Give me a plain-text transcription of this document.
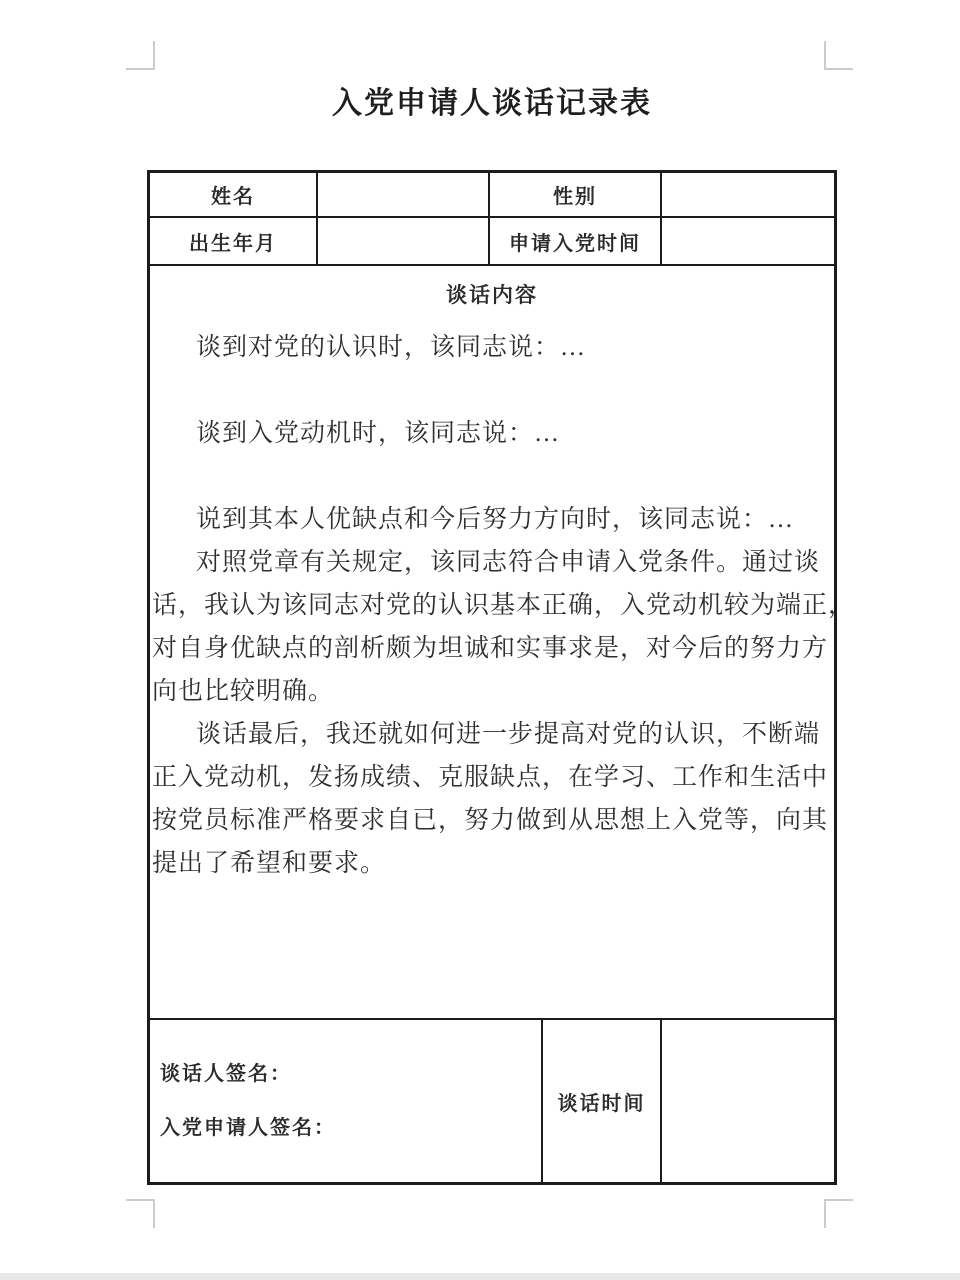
入党申请人谈话记录表
姓名	性别
出生年月	申请入党时间
谈话内容
谈到对党的认识时，该同志说：…
谈到入党动机时，该同志说：…
说到其本人优缺点和今后努力方向时，该同志说：…
对照党章有关规定，该同志符合申请入党条件。通过谈
话，我认为该同志对党的认识基本正确，入党动机较为端正，
对自身优缺点的剖析颇为坦诚和实事求是，对今后的努力方
向也比较明确。
谈话最后，我还就如何进一步提高对党的认识，不断端
正入党动机，发扬成绩、克服缺点，在学习、工作和生活中
按党员标准严格要求自已，努力做到从思想上入党等，向其
提出了希望和要求。
谈话人签名：
入党申请人签名：
谈话时间
